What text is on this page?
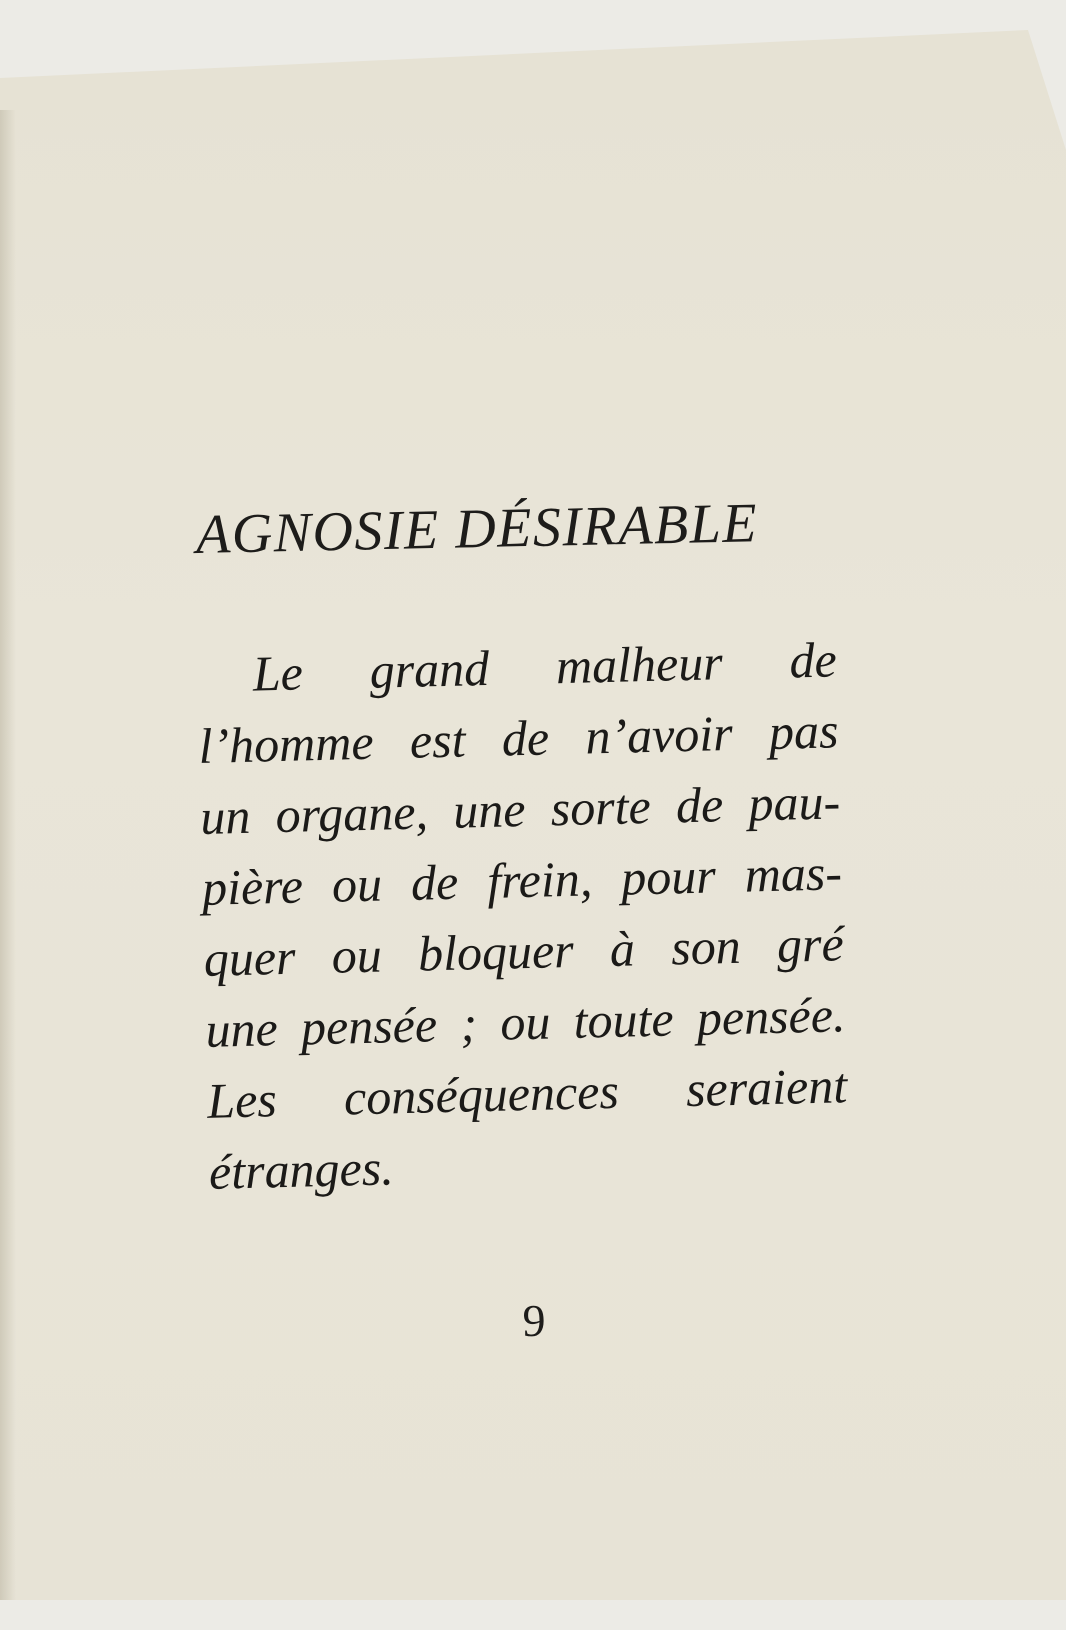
AGNOSIE DÉSIRABLE

Le grand malheur de
l’homme est de n’avoir pas
un organe, une sorte de pau-
pière ou de frein, pour mas-
quer ou bloquer à son gré
une pensée ; ou toute pensée.
Les conséquences seraient
étranges.

9
